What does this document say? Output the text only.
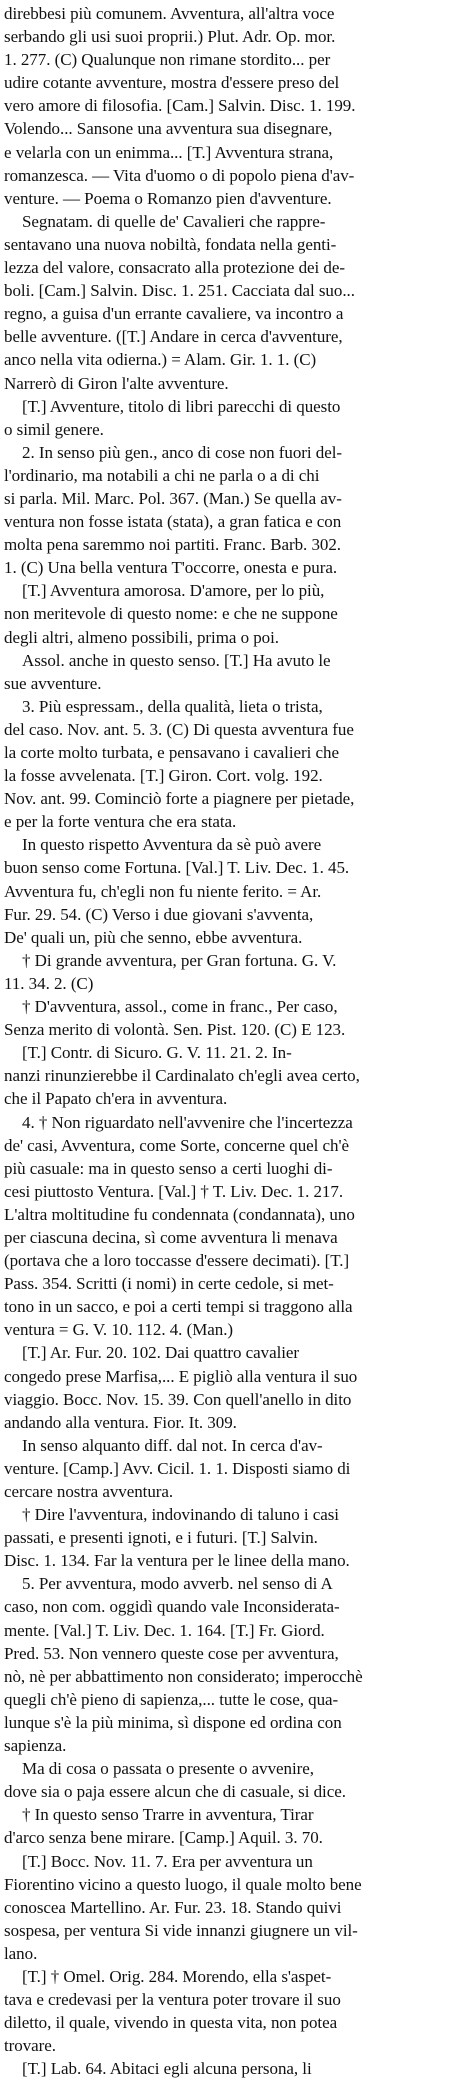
direbbesi più comunem. Avventura, all'altra voce
serbando gli usi suoi proprii.) Plut. Adr. Op. mor.
1. 277. (C) Qualunque non rimane stordito... per
udire cotante avventure, mostra d'essere preso del
vero amore di filosofia. [Cam.] Salvin. Disc. 1. 199.
Volendo... Sansone una avventura sua disegnare,
e velarla con un enimma... [T.] Avventura strana,
romanzesca. — Vita d'uomo o di popolo piena d'av-
venture. — Poema o Romanzo pien d'avventure.
Segnatam. di quelle de' Cavalieri che rappre-
sentavano una nuova nobiltà, fondata nella genti-
lezza del valore, consacrato alla protezione dei de-
boli. [Cam.] Salvin. Disc. 1. 251. Cacciata dal suo...
regno, a guisa d'un errante cavaliere, va incontro a
belle avventure. ([T.] Andare in cerca d'avventure,
anco nella vita odierna.) = Alam. Gir. 1. 1. (C)
Narrerò di Giron l'alte avventure.
[T.] Avventure, titolo di libri parecchi di questo
o simil genere.
2. In senso più gen., anco di cose non fuori del-
l'ordinario, ma notabili a chi ne parla o a di chi
si parla. Mil. Marc. Pol. 367. (Man.) Se quella av-
ventura non fosse istata (stata), a gran fatica e con
molta pena saremmo noi partiti. Franc. Barb. 302.
1. (C) Una bella ventura T'occorre, onesta e pura.
[T.] Avventura amorosa. D'amore, per lo più,
non meritevole di questo nome: e che ne suppone
degli altri, almeno possibili, prima o poi.
Assol. anche in questo senso. [T.] Ha avuto le
sue avventure.
3. Più espressam., della qualità, lieta o trista,
del caso. Nov. ant. 5. 3. (C) Di questa avventura fue
la corte molto turbata, e pensavano i cavalieri che
la fosse avvelenata. [T.] Giron. Cort. volg. 192.
Nov. ant. 99. Cominciò forte a piagnere per pietade,
e per la forte ventura che era stata.
In questo rispetto Avventura da sè può avere
buon senso come Fortuna. [Val.] T. Liv. Dec. 1. 45.
Avventura fu, ch'egli non fu niente ferito. = Ar.
Fur. 29. 54. (C) Verso i due giovani s'avventa,
De' quali un, più che senno, ebbe avventura.
† Di grande avventura, per Gran fortuna. G. V.
11. 34. 2. (C)
† D'avventura, assol., come in franc., Per caso,
Senza merito di volontà. Sen. Pist. 120. (C) E 123.
[T.] Contr. di Sicuro. G. V. 11. 21. 2. In-
nanzi rinunzierebbe il Cardinalato ch'egli avea certo,
che il Papato ch'era in avventura.
4. † Non riguardato nell'avvenire che l'incertezza
de' casi, Avventura, come Sorte, concerne quel ch'è
più casuale: ma in questo senso a certi luoghi di-
cesi piuttosto Ventura. [Val.] † T. Liv. Dec. 1. 217.
L'altra moltitudine fu condennata (condannata), uno
per ciascuna decina, sì come avventura li menava
(portava che a loro toccasse d'essere decimati). [T.]
Pass. 354. Scritti (i nomi) in certe cedole, si met-
tono in un sacco, e poi a certi tempi si traggono alla
ventura = G. V. 10. 112. 4. (Man.)
[T.] Ar. Fur. 20. 102. Dai quattro cavalier
congedo prese Marfisa,... E pigliò alla ventura il suo
viaggio. Bocc. Nov. 15. 39. Con quell'anello in dito
andando alla ventura. Fior. It. 309.
In senso alquanto diff. dal not. In cerca d'av-
venture. [Camp.] Avv. Cicil. 1. 1. Disposti siamo di
cercare nostra avventura.
† Dire l'avventura, indovinando di taluno i casi
passati, e presenti ignoti, e i futuri. [T.] Salvin.
Disc. 1. 134. Far la ventura per le linee della mano.
5. Per avventura, modo avverb. nel senso di A
caso, non com. oggidì quando vale Inconsiderata-
mente. [Val.] T. Liv. Dec. 1. 164. [T.] Fr. Giord.
Pred. 53. Non vennero queste cose per avventura,
nò, nè per abbattimento non considerato; imperocchè
quegli ch'è pieno di sapienza,... tutte le cose, qua-
lunque s'è la più minima, sì dispone ed ordina con
sapienza.
Ma di cosa o passata o presente o avvenire,
dove sia o paja essere alcun che di casuale, si dice.
† In questo senso Trarre in avventura, Tirar
d'arco senza bene mirare. [Camp.] Aquil. 3. 70.
[T.] Bocc. Nov. 11. 7. Era per avventura un
Fiorentino vicino a questo luogo, il quale molto bene
conoscea Martellino. Ar. Fur. 23. 18. Stando quivi
sospesa, per ventura Si vide innanzi giugnere un vil-
lano.
[T.] † Omel. Orig. 284. Morendo, ella s'aspet-
tava e credevasi per la ventura poter trovare il suo
diletto, il quale, vivendo in questa vita, non potea
trovare.
[T.] Lab. 64. Abitaci egli alcuna persona, li
